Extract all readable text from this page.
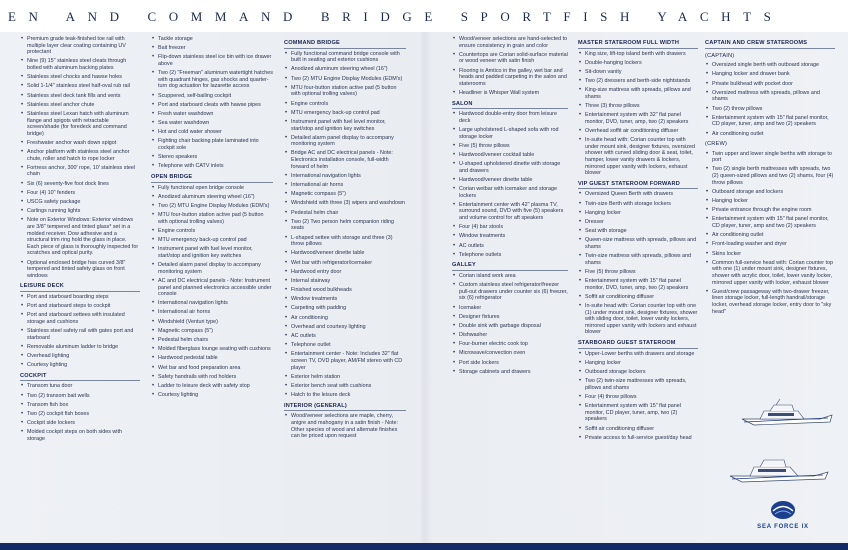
EN AND COMMAND BRIDGE SPORTFISH YACHTS
• Premium grade teak-finished toe rail with multiple layer clear coating containing UV protectant
• Nine (9) 15" stainless steel cleats through bolted with aluminum backing plates
• Stainless steel chocks and hawse holes
• Solid 1-1/4" stainless steel half-oval rub rail
• Stainless steel deck tank fills and vents
• Stainless steel anchor chute
• Stainless steel Lexan hatch with aluminum flange and spigots with retractable screen/shade (for foredeck and command bridge)
• Freshwater anchor wash down spigot
• Anchor platform with stainless steel anchor chute, roller and hatch to rope locker
• Fortress anchor, 300' rope, 10' stainless steel chain
• Six (6) seventy-five foot dock lines
• Four (4) 10" fenders
• USCG safety package
• Carlings running lights
• Note on Exterior Windows: Exterior windows are 3/8" tempered and tinted glass* set in a molded receiver. Dow adhesive and a structural trim ring hold the glass in place. Each piece of glass is thoroughly inspected for scratches and optical purity.
• Optional enclosed bridge has curved 3/8" tempered and tinted safety glass on front windows
LEISURE DECK
• Port and starboard boarding steps
• Port and starboard steps to cockpit
• Port and starboard settees with insulated storage and cushions
• Stainless steel safety rail with gates port and starboard
• Removable aluminum ladder to bridge
• Overhead lighting
• Courtesy lighting
COCKPIT
• Transom tuna door
• Two (2) transom bait wells
• Transom fish box
• Two (2) cockpit fish boxes
• Cockpit side lockers
• Molded cockpit steps on both sides with storage
• Tackle storage
• Bait freezer
• Flip-down stainless steel ice bin with ice drawer above
• Two (2) "Freeman" aluminum watertight hatches with quadrant hinges, gas shocks and quarter-turn dog actuation for lazarette access
• Scuppered, self-bailing cockpit
• Port and starboard cleats with hawse pipes
• Fresh water washdown
• Sea water washdown
• Hot and cold water shower
• Fighting chair backing plate laminated into cockpit sole
• Stereo speakers
• Telephone with CATV inlets
OPEN BRIDGE
• Fully functional open bridge console
• Anodized aluminum steering wheel (16")
• Two (2) MTU Engine Display Modules (EDM's)
• MTU four-button station active pad (5 button with optional trolling valves)
• Engine controls
• MTU emergency back-up control pad
• Instrument panel with fuel level monitor, start/stop and ignition key switches
• Detailed alarm panel display to accompany monitoring system
• AC and DC electrical panels - Note: Instrument panel and planned electronics accessible under console
• International navigation lights
• International air horns
• Windshield (Venturi type)
• Magnetic compass (5")
• Pedestal helm chairs
• Molded fiberglass lounge seating with cushions
• Hardwood pedestal table
• Wet bar and food preparation area
• Safety handrails with rod holders
• Ladder to leisure deck with safety stop
• Courtesy lighting
COMMAND BRIDGE
• Fully functional command bridge console with built in seating and exterior cushions
• Anodized aluminum steering wheel (16")
• Two (2) MTU Engine Display Modules (EDM's)
• MTU four-button station active pad (5 button with optional trolling valves)
• Engine controls
• MTU emergency back-up control pad
• Instrument panel with fuel level monitor, start/stop and ignition key switches
• Detailed alarm panel display to accompany monitoring system
• Bridge AC and DC electrical panels - Note: Electronics installation console, full-width forward of helm
• International navigation lights
• International air horns
• Magnetic compass (5")
• Windshield with three (3) wipers and washdown
• Pedestal helm chair
• Two (2) Two person helm companion riding seats
• L-shaped settee with storage and three (3) throw pillows
• Hardwood/veneer dinette table
• Wet bar with refrigerator/icemaker
• Hardwood entry door
• Internal stairway
• Finished wood bulkheads
• Window treatments
• Carpeting with padding
• Air conditioning
• Overhead and courtesy lighting
• AC outlets
• Telephone outlet
• Entertainment center - Note: Includes 32" flat screen TV, DVD player, AM/FM stereo with CD player
• Exterior helm station
• Exterior bench seat with cushions
• Hatch to the leisure deck
INTERIOR (GENERAL)
• Wood/veneer selections are maple, cherry, anigre and mahogany in a satin finish - Note: Other species of wood and alternate finishes can be priced upon request
• Wood/veneer selections are hand-selected to ensure consistency in grain and color
• Countertops are Corian solid-surface material or wood veneer with satin finish
• Flooring is Amtico in the galley, wet bar and heads and padded carpeting in the salon and staterooms
• Headliner is Whisper Wall system
SALON
• Hardwood double-entry door from leisure deck
• Large upholstered L-shaped sofa with rod storage locker
• Five (5) throw pillows
• Hardwood/veneer cocktail table
• U-shaped upholstered dinette with storage and drawers
• Hardwood/veneer dinette table
• Corian wetbar with icemaker and storage lockers
• Entertainment center with 42" plasma TV, surround sound, DVD with five (5) speakers and volume control for aft speakers
• Four (4) bar stools
• Window treatments
• AC outlets
• Telephone outlets
GALLEY
• Corian island work area
• Custom stainless steel refrigerator/freezer pull-out drawers under counter six (6) freezer, six (6) refrigerator
• Icemaker
• Designer fixtures
• Double sink with garbage disposal
• Dishwasher
• Four-burner electric cook top
• Microwave/convection oven
• Port side lockers
• Storage cabinets and drawers
MASTER STATEROOM FULL WIDTH
• King size, lift-top island berth with drawers
• Double-hanging lockers
• Sit-down vanity
• Two (2) dressers and berth-side nightstands
• King-size mattress with spreads, pillows and shams
• Three (3) throw pillows
• Entertainment system with 32" flat panel monitor, DVD, tuner, amp, two (2) speakers
• Overhead soffit air conditioning diffuser
• In-suite head with: Corian counter top with under mount sink, designer fixtures, oversized shower with curved sliding door & seat, toilet, hamper, lower vanity drawers & lockers, mirrored upper vanity with lockers, exhaust blower
VIP GUEST STATEROOM FORWARD
• Oversized Queen Berth with drawers
• Twin-size Berth with storage lockers
• Hanging locker
• Dresser
• Seat with storage
• Queen-size mattress with spreads, pillows and shams
• Twin-size mattress with spreads, pillows and shams
• Five (5) throw pillows
• Entertainment system with 15" flat panel monitor, DVD, tuner, amp, two (2) speakers
• Soffit air conditioning diffuser
• In-suite head with: Corian counter top with one (1) under mount sink, designer fixtures, shower with sliding door, toilet, lower vanity lockers, mirrored upper vanity with lockers and exhaust blower
STARBOARD GUEST STATEROOM
• Upper-Lower berths with drawers and storage
• Hanging locker
• Outboard storage lockers
• Two (2) twin-size mattresses with spreads, pillows and shams
• Four (4) throw pillows
• Entertainment system with 15" flat panel monitor, CD player, tuner, amp, two (2) speakers
• Soffit air conditioning diffuser
• Private access to full-service guest/day head
CAPTAIN AND CREW STATEROOMS
(CAPTAIN)
• Oversized single berth with outboard storage
• Hanging locker and drawer bank
• Private bulkhead with pocket door
• Oversized mattress with spreads, pillows and shams
• Two (2) throw pillows
• Entertainment system with 15" flat panel monitor, CD player, tuner, amp and two (2) speakers
• Air conditioning outlet
(CREW)
• Twin upper and lower single berths with storage to port
• Two (2) single berth mattresses with spreads, two (2) queen-sized pillows and two (2) shams, four (4) throw pillows
• Outboard storage and lockers
• Hanging locker
• Private entrance through the engine room
• Entertainment system with 15" flat panel monitor, CD player, tuner, amp and two (2) speakers
• Air conditioning outlet
• Front-loading washer and dryer
• Skins locker
• Common full-service head with: Corian counter top with one (1) under mount sink, designer fixtures, shower with acrylic door, toilet, lower vanity locker, mirrored upper vanity with locker, exhaust blower
• Guest/crew passageway with two-drawer freezer, linen storage locker, full-length handrail/storage locker, overhead storage locker, entry door to "sky head"
SEA FORCE IX
